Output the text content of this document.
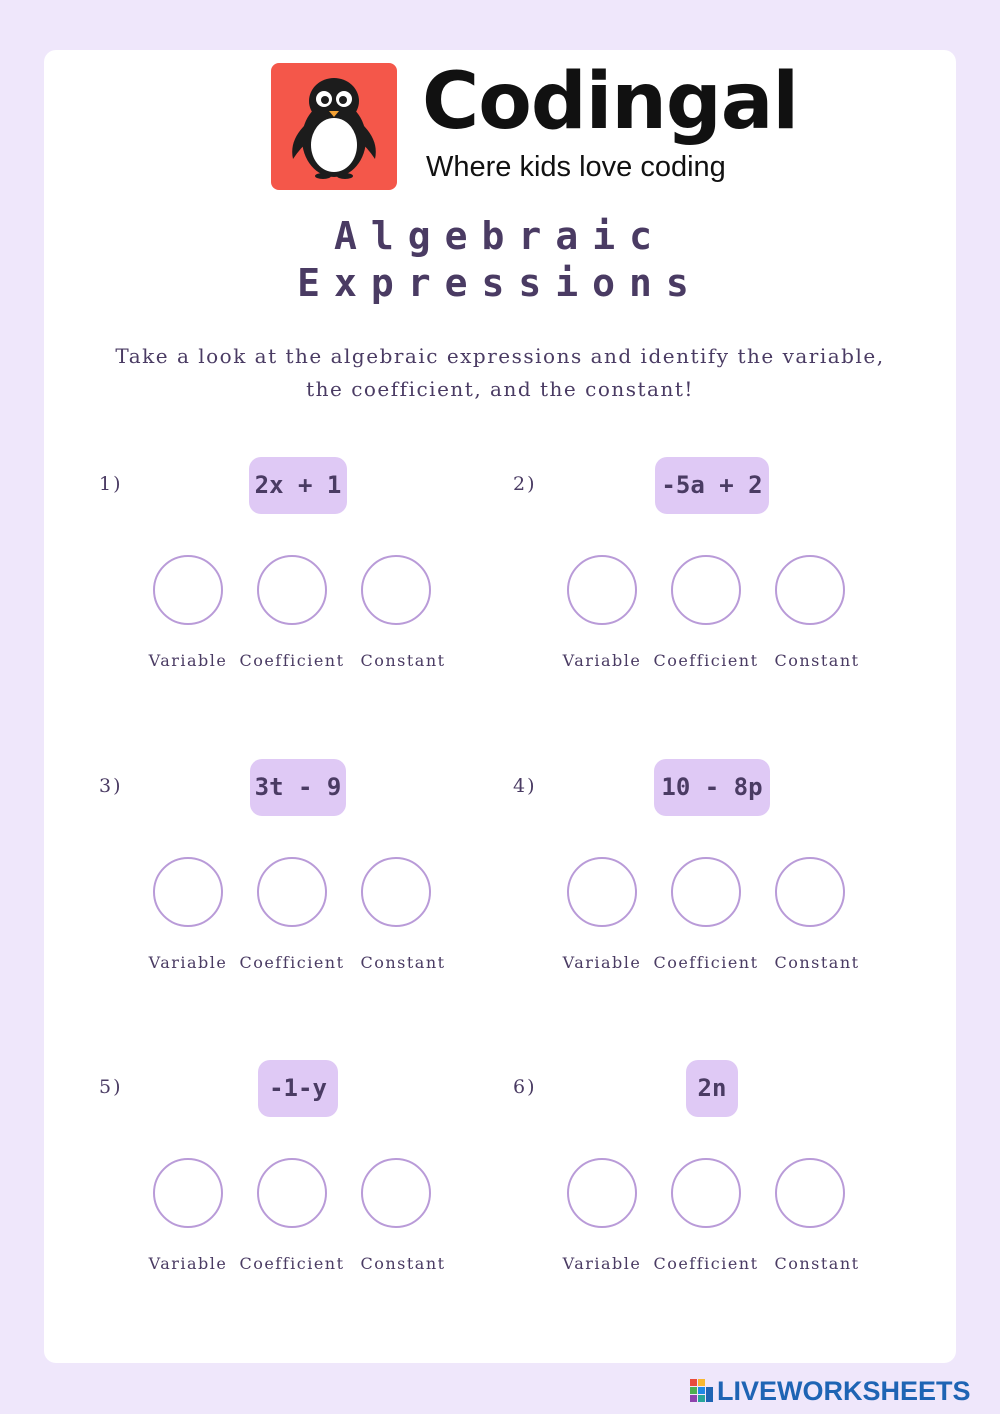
Codingal
Where kids love coding
Algebraic
Expressions
Take a look at the algebraic expressions and identify the variable, the coefficient, and the constant!
1)	2x + 1
Variable Coefficient Constant
2)	-5a + 2
Variable Coefficient Constant
3)	3t - 9
Variable Coefficient Constant
4)	10 - 8p
Variable Coefficient Constant
5)	-1-y
Variable Coefficient Constant
6)	2n
Variable Coefficient Constant
LIVEWORKSHEETS
